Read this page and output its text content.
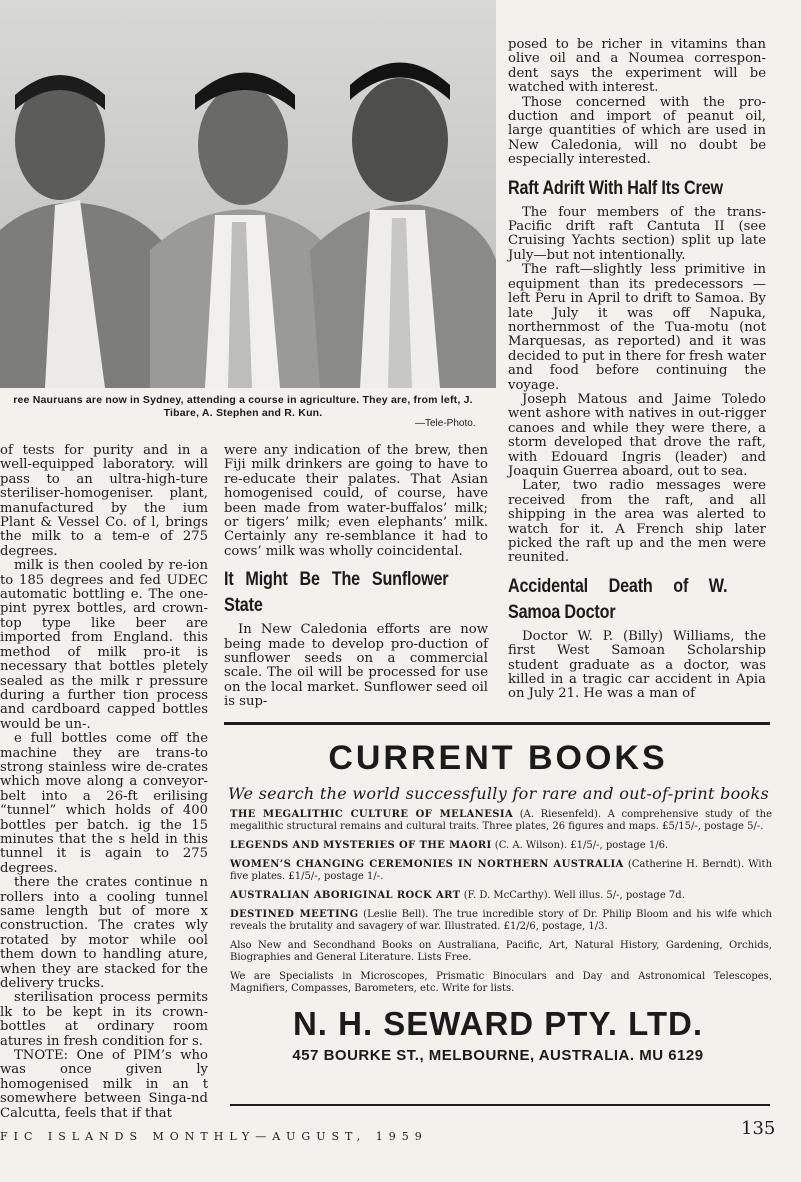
ree Nauruans are now in Sydney, attending a course in agriculture. They are, from left, J. Tibare, A. Stephen and R. Kun.
—Tele-Photo.

of tests for purity and in a well-equipped laboratory. will pass to an ultra-high-ture steriliser-homogeniser. plant, manufactured by the ium Plant & Vessel Co. of l, brings the milk to a tem-e of 275 degrees.

milk is then cooled by re-ion to 185 degrees and fed UDEC automatic bottling e. The one-pint pyrex bottles, ard crown-top type like beer are imported from England. this method of milk pro-it is necessary that bottles pletely sealed as the milk r pressure during a further tion process and cardboard capped bottles would be un-.

e full bottles come off the machine they are trans-to strong stainless wire de-crates which move along a conveyor-belt into a 26-ft erilising “tunnel” which holds of 400 bottles per batch. ig the 15 minutes that the s held in this tunnel it is again to 275 degrees.

there the crates continue n rollers into a cooling tunnel same length but of more x construction. The crates wly rotated by motor while ool them down to handling ature, when they are stacked for the delivery trucks.

sterilisation process permits lk to be kept in its crown-bottles at ordinary room atures in fresh condition for s.

TNOTE: One of PIM’s who was once given ly homogenised milk in an t somewhere between Singa-nd Calcutta, feels that if that

were any indication of the brew, then Fiji milk drinkers are going to have to re-educate their palates. That Asian homogenised could, of course, have been made from water-buffalos’ milk; or tigers’ milk; even elephants’ milk. Certainly any re-semblance it had to cows’ milk was wholly coincidental.

It Might Be The Sunflower State

In New Caledonia efforts are now being made to develop pro-duction of sunflower seeds on a commercial scale. The oil will be processed for use on the local market. Sunflower seed oil is sup-

posed to be richer in vitamins than olive oil and a Noumea correspon-dent says the experiment will be watched with interest.

Those concerned with the pro-duction and import of peanut oil, large quantities of which are used in New Caledonia, will no doubt be especially interested.

Raft Adrift With Half Its Crew

The four members of the trans-Pacific drift raft Cantuta II (see Cruising Yachts section) split up late July—but not intentionally.

The raft—slightly less primitive in equipment than its predecessors —left Peru in April to drift to Samoa. By late July it was off Napuka, northernmost of the Tua-motu (not Marquesas, as reported) and it was decided to put in there for fresh water and food before continuing the voyage.

Joseph Matous and Jaime Toledo went ashore with natives in out-rigger canoes and while they were there, a storm developed that drove the raft, with Edouard Ingris (leader) and Joaquin Guerrea aboard, out to sea.

Later, two radio messages were received from the raft, and all shipping in the area was alerted to watch for it. A French ship later picked the raft up and the men were reunited.

Accidental Death of W. Samoa Doctor

Doctor W. P. (Billy) Williams, the first West Samoan Scholarship student graduate as a doctor, was killed in a tragic car accident in Apia on July 21. He was a man of

CURRENT BOOKS
We search the world successfully for rare and out-of-print books
THE MEGALITHIC CULTURE OF MELANESIA (A. Riesenfeld). A comprehensive study of the megalithic structural remains and cultural traits. Three plates, 26 figures and maps. £5/15/-, postage 5/-.
LEGENDS AND MYSTERIES OF THE MAORI (C. A. Wilson). £1/5/-, postage 1/6.
WOMEN’S CHANGING CEREMONIES IN NORTHERN AUSTRALIA (Catherine H. Berndt). With five plates. £1/5/-, postage 1/-.
AUSTRALIAN ABORIGINAL ROCK ART (F. D. McCarthy). Well illus. 5/-, postage 7d.
DESTINED MEETING (Leslie Bell). The true incredible story of Dr. Philip Bloom and his wife which reveals the brutality and savagery of war. Illustrated. £1/2/6, postage, 1/3.
Also New and Secondhand Books on Australiana, Pacific, Art, Natural History, Gardening, Orchids, Biographies and General Literature. Lists Free.
We are Specialists in Microscopes, Prismatic Binoculars and Day and Astronomical Telescopes, Magnifiers, Compasses, Barometers, etc. Write for lists.
N. H. SEWARD PTY. LTD.
457 BOURKE ST., MELBOURNE, AUSTRALIA. MU 6129
FIC ISLANDS MONTHLY—AUGUST, 1959	135
